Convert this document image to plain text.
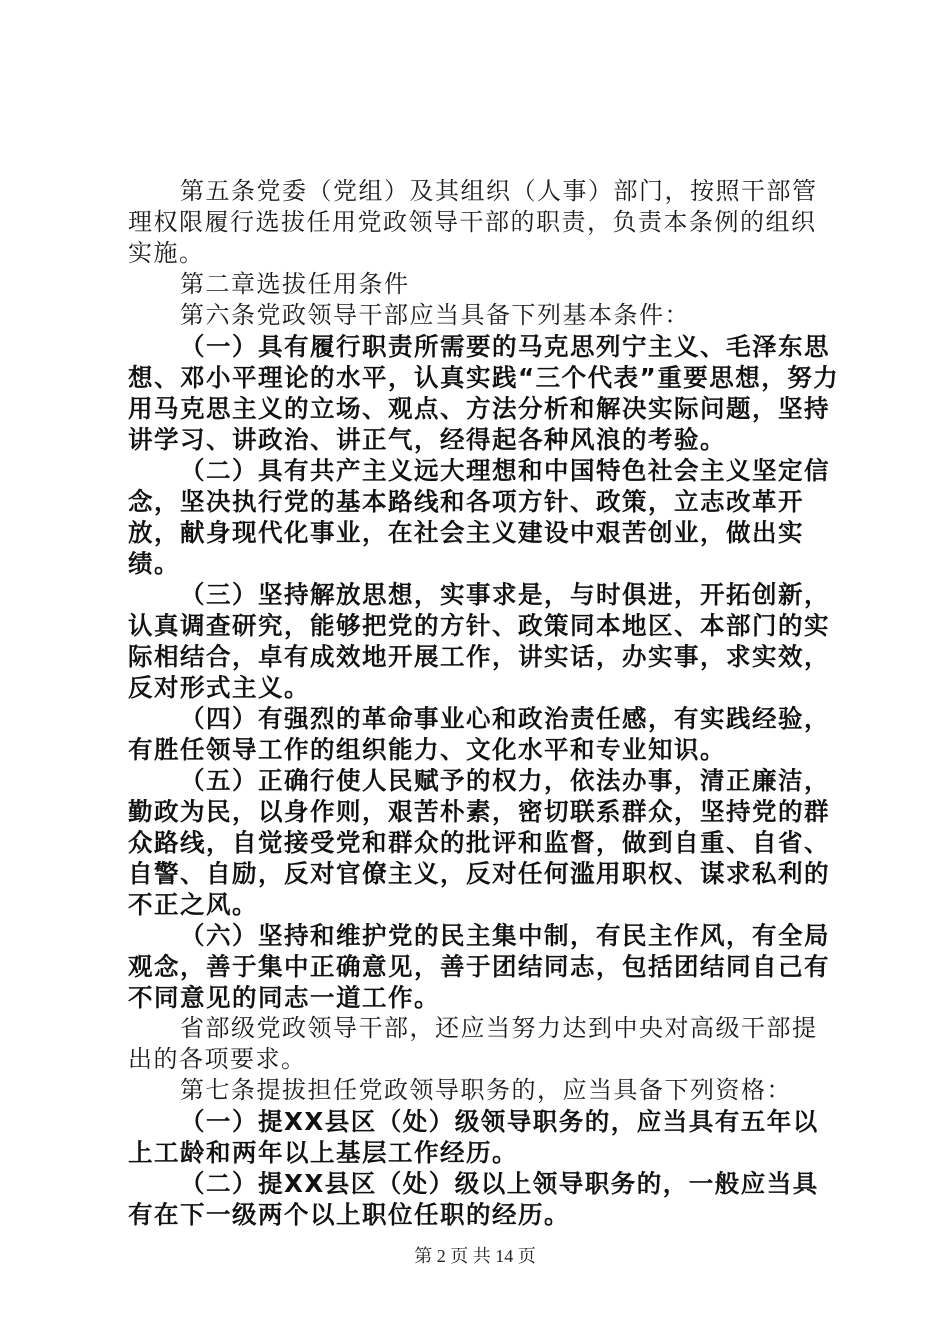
第五条党委（党组）及其组织（人事）部门，按照干部管理权限履行选拔任用党政领导干部的职责，负责本条例的组织实施。

第二章选拔任用条件

第六条党政领导干部应当具备下列基本条件：

（一）具有履行职责所需要的马克思列宁主义、毛泽东思想、邓小平理论的水平，认真实践“三个代表”重要思想，努力用马克思主义的立场、观点、方法分析和解决实际问题，坚持讲学习、讲政治、讲正气，经得起各种风浪的考验。

（二）具有共产主义远大理想和中国特色社会主义坚定信念，坚决执行党的基本路线和各项方针、政策，立志改革开放，献身现代化事业，在社会主义建设中艰苦创业，做出实绩。

（三）坚持解放思想，实事求是，与时俱进，开拓创新，认真调查研究，能够把党的方针、政策同本地区、本部门的实际相结合，卓有成效地开展工作，讲实话，办实事，求实效，反对形式主义。

（四）有强烈的革命事业心和政治责任感，有实践经验，有胜任领导工作的组织能力、文化水平和专业知识。

（五）正确行使人民赋予的权力，依法办事，清正廉洁，勤政为民，以身作则，艰苦朴素，密切联系群众，坚持党的群众路线，自觉接受党和群众的批评和监督，做到自重、自省、自警、自励，反对官僚主义，反对任何滥用职权、谋求私利的不正之风。

（六）坚持和维护党的民主集中制，有民主作风，有全局观念，善于集中正确意见，善于团结同志，包括团结同自己有不同意见的同志一道工作。

省部级党政领导干部，还应当努力达到中央对高级干部提出的各项要求。

第七条提拔担任党政领导职务的，应当具备下列资格：

（一）提XX县区（处）级领导职务的，应当具有五年以上工龄和两年以上基层工作经历。

（二）提XX县区（处）级以上领导职务的，一般应当具有在下一级两个以上职位任职的经历。

第 2 页 共 14 页
